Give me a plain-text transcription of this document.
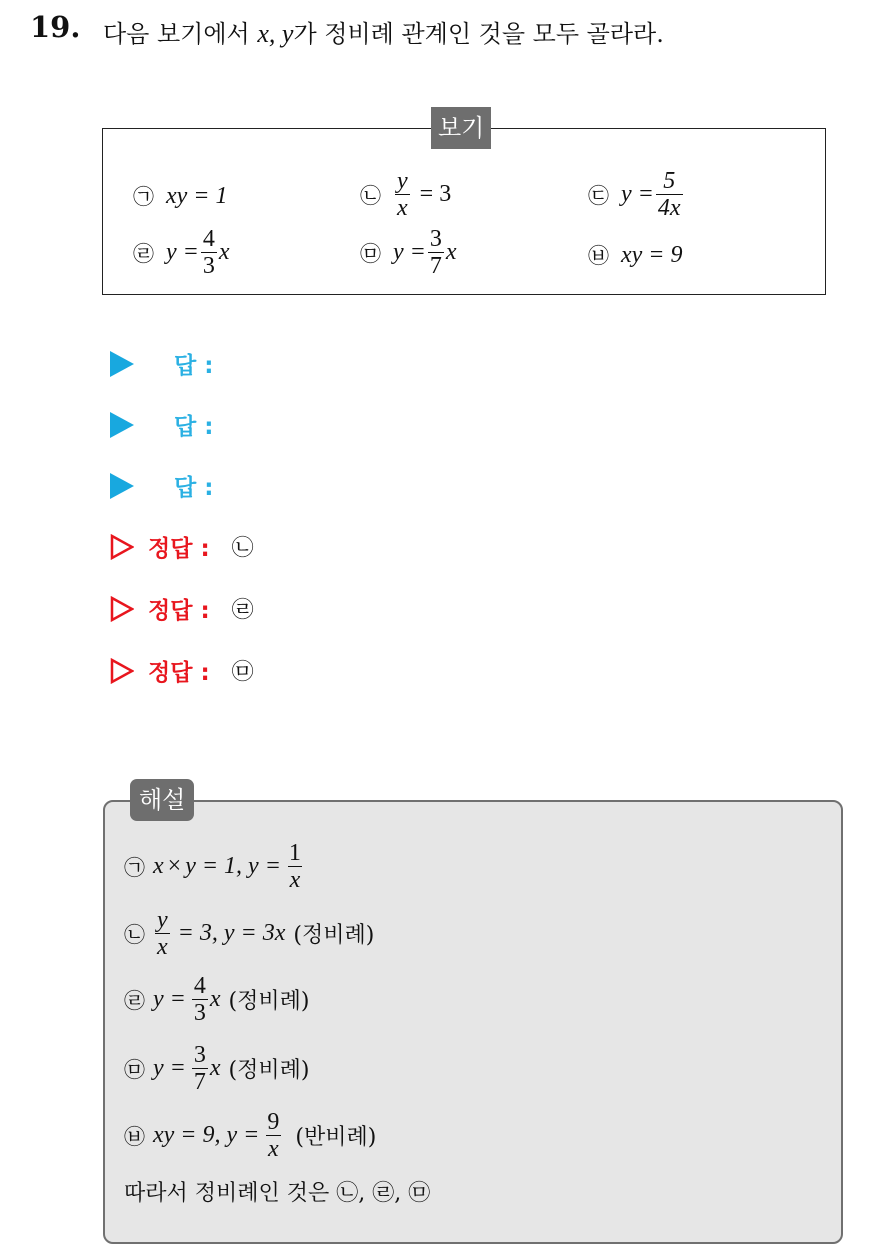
19. 다음 보기에서 x, y가 정비례 관계인 것을 모두 골라라.
보기
㉠ xy = 1	㉡ $\frac{y}{x} = 3$	㉢ $y = \frac{5}{4x}$
㉣ $y = \frac{4}{3}$ x	㉤ $y = \frac{3}{7}$ x	㉥ xy = 9
답 :
답 :
답 :
정답 : ㉡
정답 : ㉣
정답 : ㉤
해설
㉠ x × y = 1, $y = \frac{1}{x}$
㉡ $\frac{y}{x} = 3$, y = 3x (정비례)
㉣ $y = \frac{4}{3}$ x (정비례)
㉤ $y = \frac{3}{7}$ x (정비례)
㉥ xy = 9, $y = \frac{9}{x}$ (반비례)
따라서 정비례인 것은 ㉡, ㉣, ㉤
